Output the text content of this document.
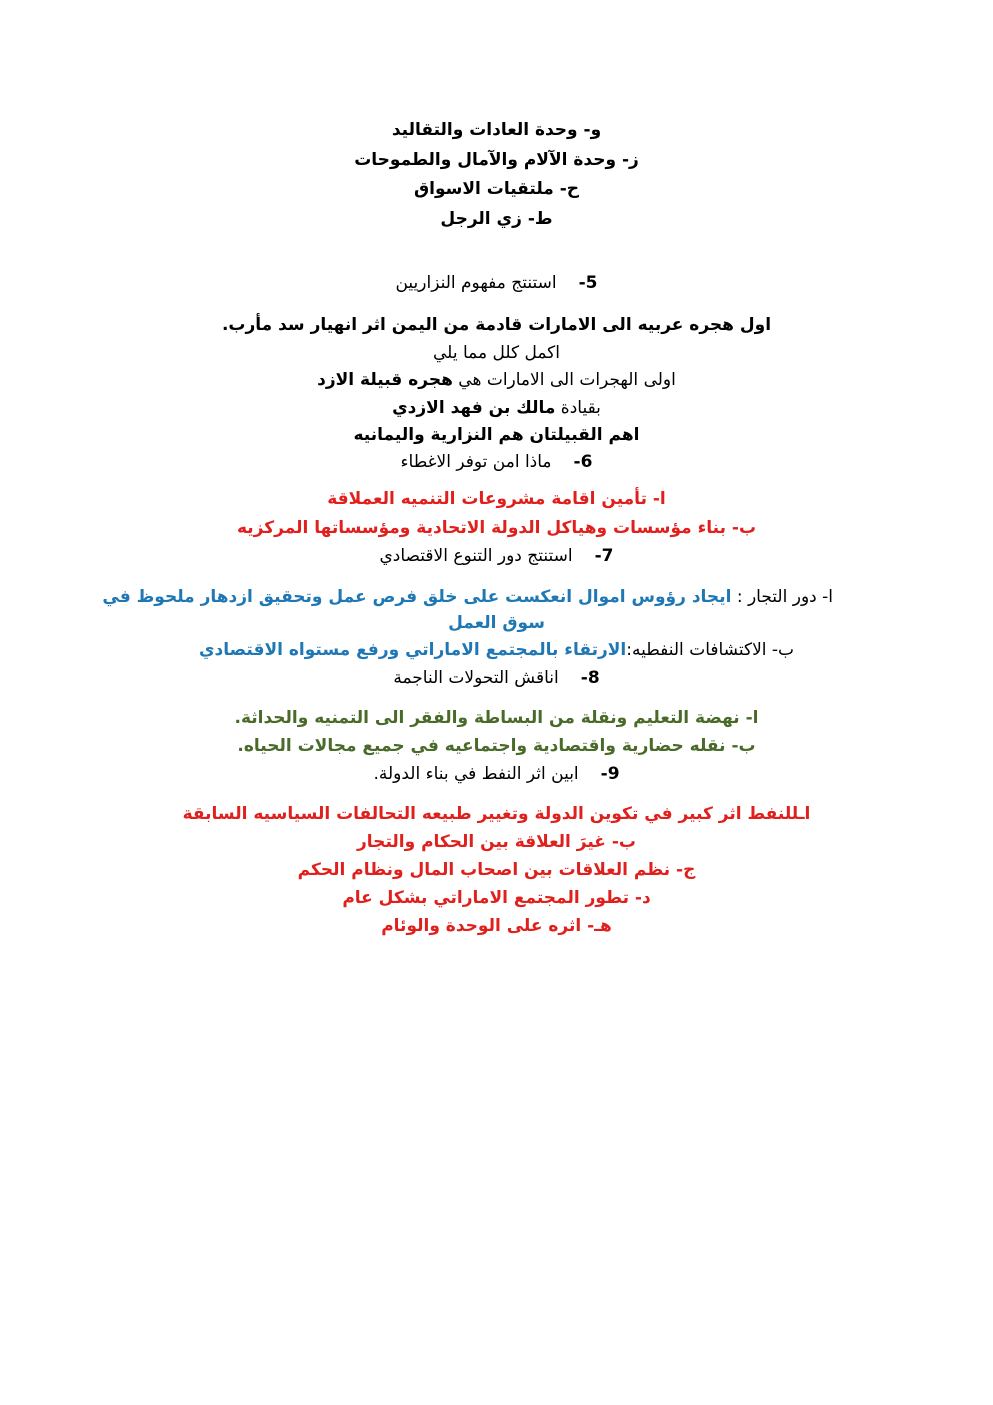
و- وحدة العادات والتقاليد
ز- وحدة الآلام والآمال والطموحات
ح- ملتقيات الاسواق
ط- زي الرجل
5-استنتج مفهوم النزاريين
اول هجره عربيه الى الامارات قادمة من اليمن اثر انهيار سد مأرب.
اكمل كلل مما يلي
اولى الهجرات الى الامارات هي هجره قبيلة الازد
بقيادة مالك بن فهد الازدي
اهم القبيلتان هم النزارية واليمانيه
6-ماذا امن توفر الاغطاء
ا- تأمين اقامة مشروعات التنميه العملاقة
ب- بناء مؤسسات وهياكل الدولة الاتحادية ومؤسساتها المركزيه
7-استنتج دور التنوع الاقتصادي
ا- دور التجار : ايجاد رؤوس اموال انعكست على خلق فرص عمل وتحقيق ازدهار ملحوظ في
سوق العمل
ب- الاكتشافات النفطيه:الارتقاء بالمجتمع الاماراتي ورفع مستواه الاقتصادي
8-اناقش التحولات الناجمة
ا- نهضة التعليم ونقلة من البساطة والفقر الى التمنيه والحداثة.
ب- نقله حضارية واقتصادية واجتماعيه في جميع مجالات الحياه.
9-ابين اثر النفط في بناء الدولة.
اـللنفط اثر كبير في تكوين الدولة وتغيير طبيعه التحالفات السياسيه السابقة
ب- غيرَ العلاقة بين الحكام والتجار
ج- نظم العلاقات بين اصحاب المال ونظام الحكم
د- تطور المجتمع الاماراتي بشكل عام
هـ- اثره على الوحدة والوئام
